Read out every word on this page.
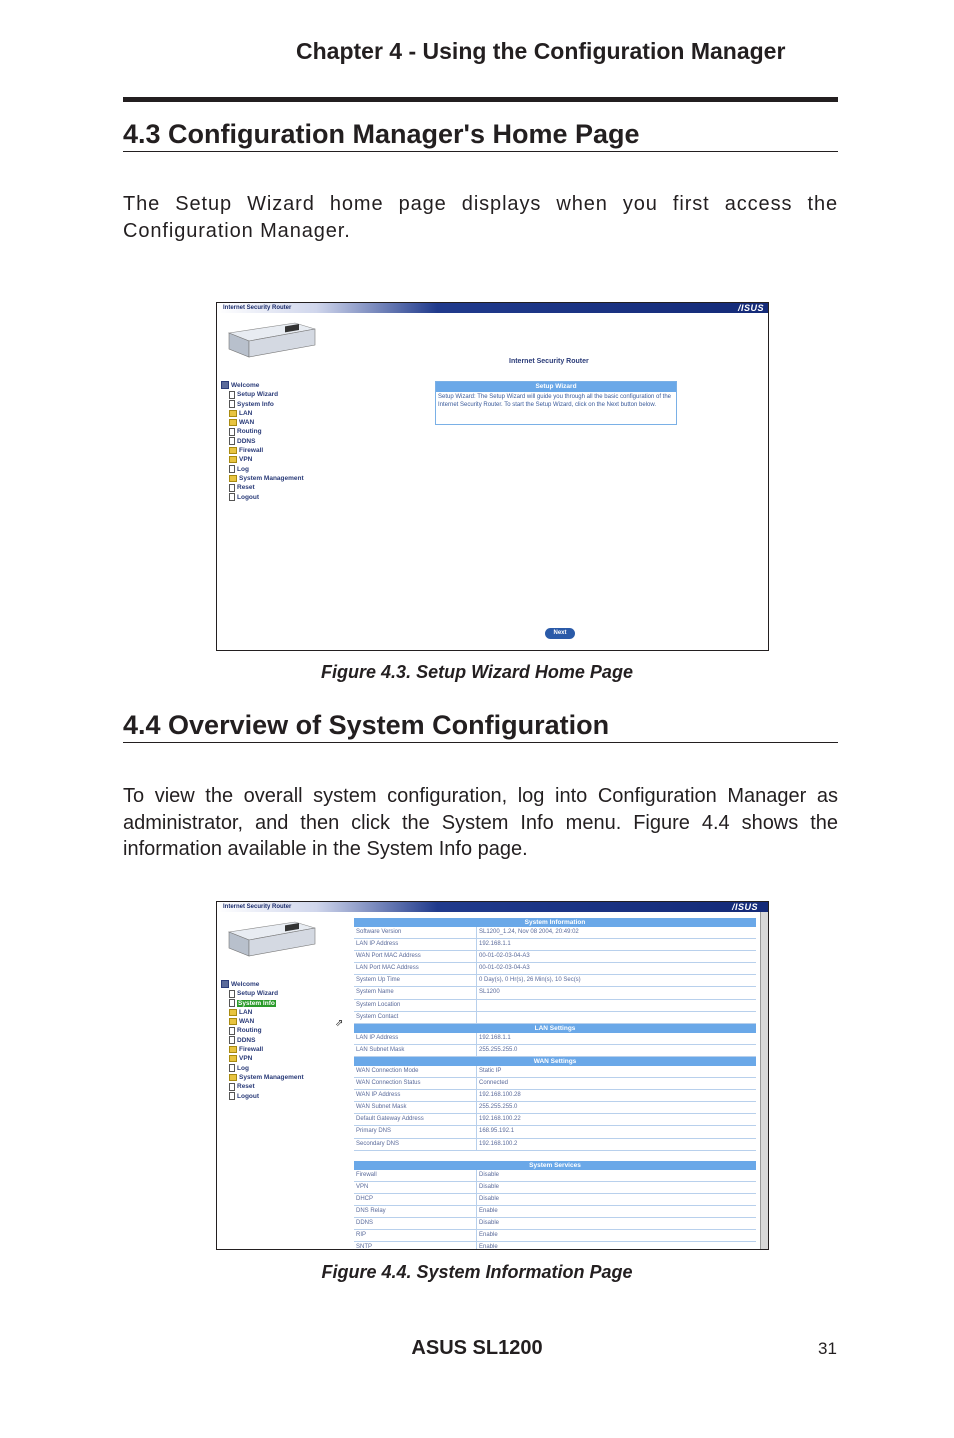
Chapter 4 - Using the Configuration Manager
4.3 Configuration Manager's Home Page
The Setup Wizard home page displays when you first access the Configuration Manager.
Internet Security Router	/ISUS
Welcome
Setup Wizard
System Info
LAN
WAN
Routing
DDNS
Firewall
VPN
Log
System Management
Reset
Logout
Internet Security Router
Setup Wizard
Setup Wizard: The Setup Wizard will guide you through all the basic configuration of the Internet Security Router. To start the Setup Wizard, click on the Next button below.
Next
Figure 4.3. Setup Wizard Home Page
4.4 Overview of System Configuration
To view the overall system configuration, log into Configuration Manager as administrator, and then click the System Info menu. Figure 4.4 shows the information available in the System Info page.
Internet Security Router	/ISUS
Welcome
Setup Wizard
System Info
LAN
WAN
Routing
DDNS
Firewall
VPN
Log
System Management
Reset
Logout
⇗
System Information
Software Version	SL1200_1.24, Nov 08 2004, 20:49:02
LAN IP Address	192.168.1.1
WAN Port MAC Address	00-01-02-03-04-A3
LAN Port MAC Address	00-01-02-03-04-A3
System Up Time	0 Day(s), 0 Hr(s), 26 Min(s), 10 Sec(s)
System Name	SL1200
System Location
System Contact
LAN Settings
LAN IP Address	192.168.1.1
LAN Subnet Mask	255.255.255.0
WAN Settings
WAN Connection Mode	Static IP
WAN Connection Status	Connected
WAN IP Address	192.168.100.28
WAN Subnet Mask	255.255.255.0
Default Gateway Address	192.168.100.22
Primary DNS	168.95.192.1
Secondary DNS	192.168.100.2
System Services
Firewall	Disable
VPN	Disable
DHCP	Disable
DNS Relay	Enable
DDNS	Disable
RIP	Enable
SNTP	Enable
Figure 4.4. System Information Page
ASUS SL1200	31
